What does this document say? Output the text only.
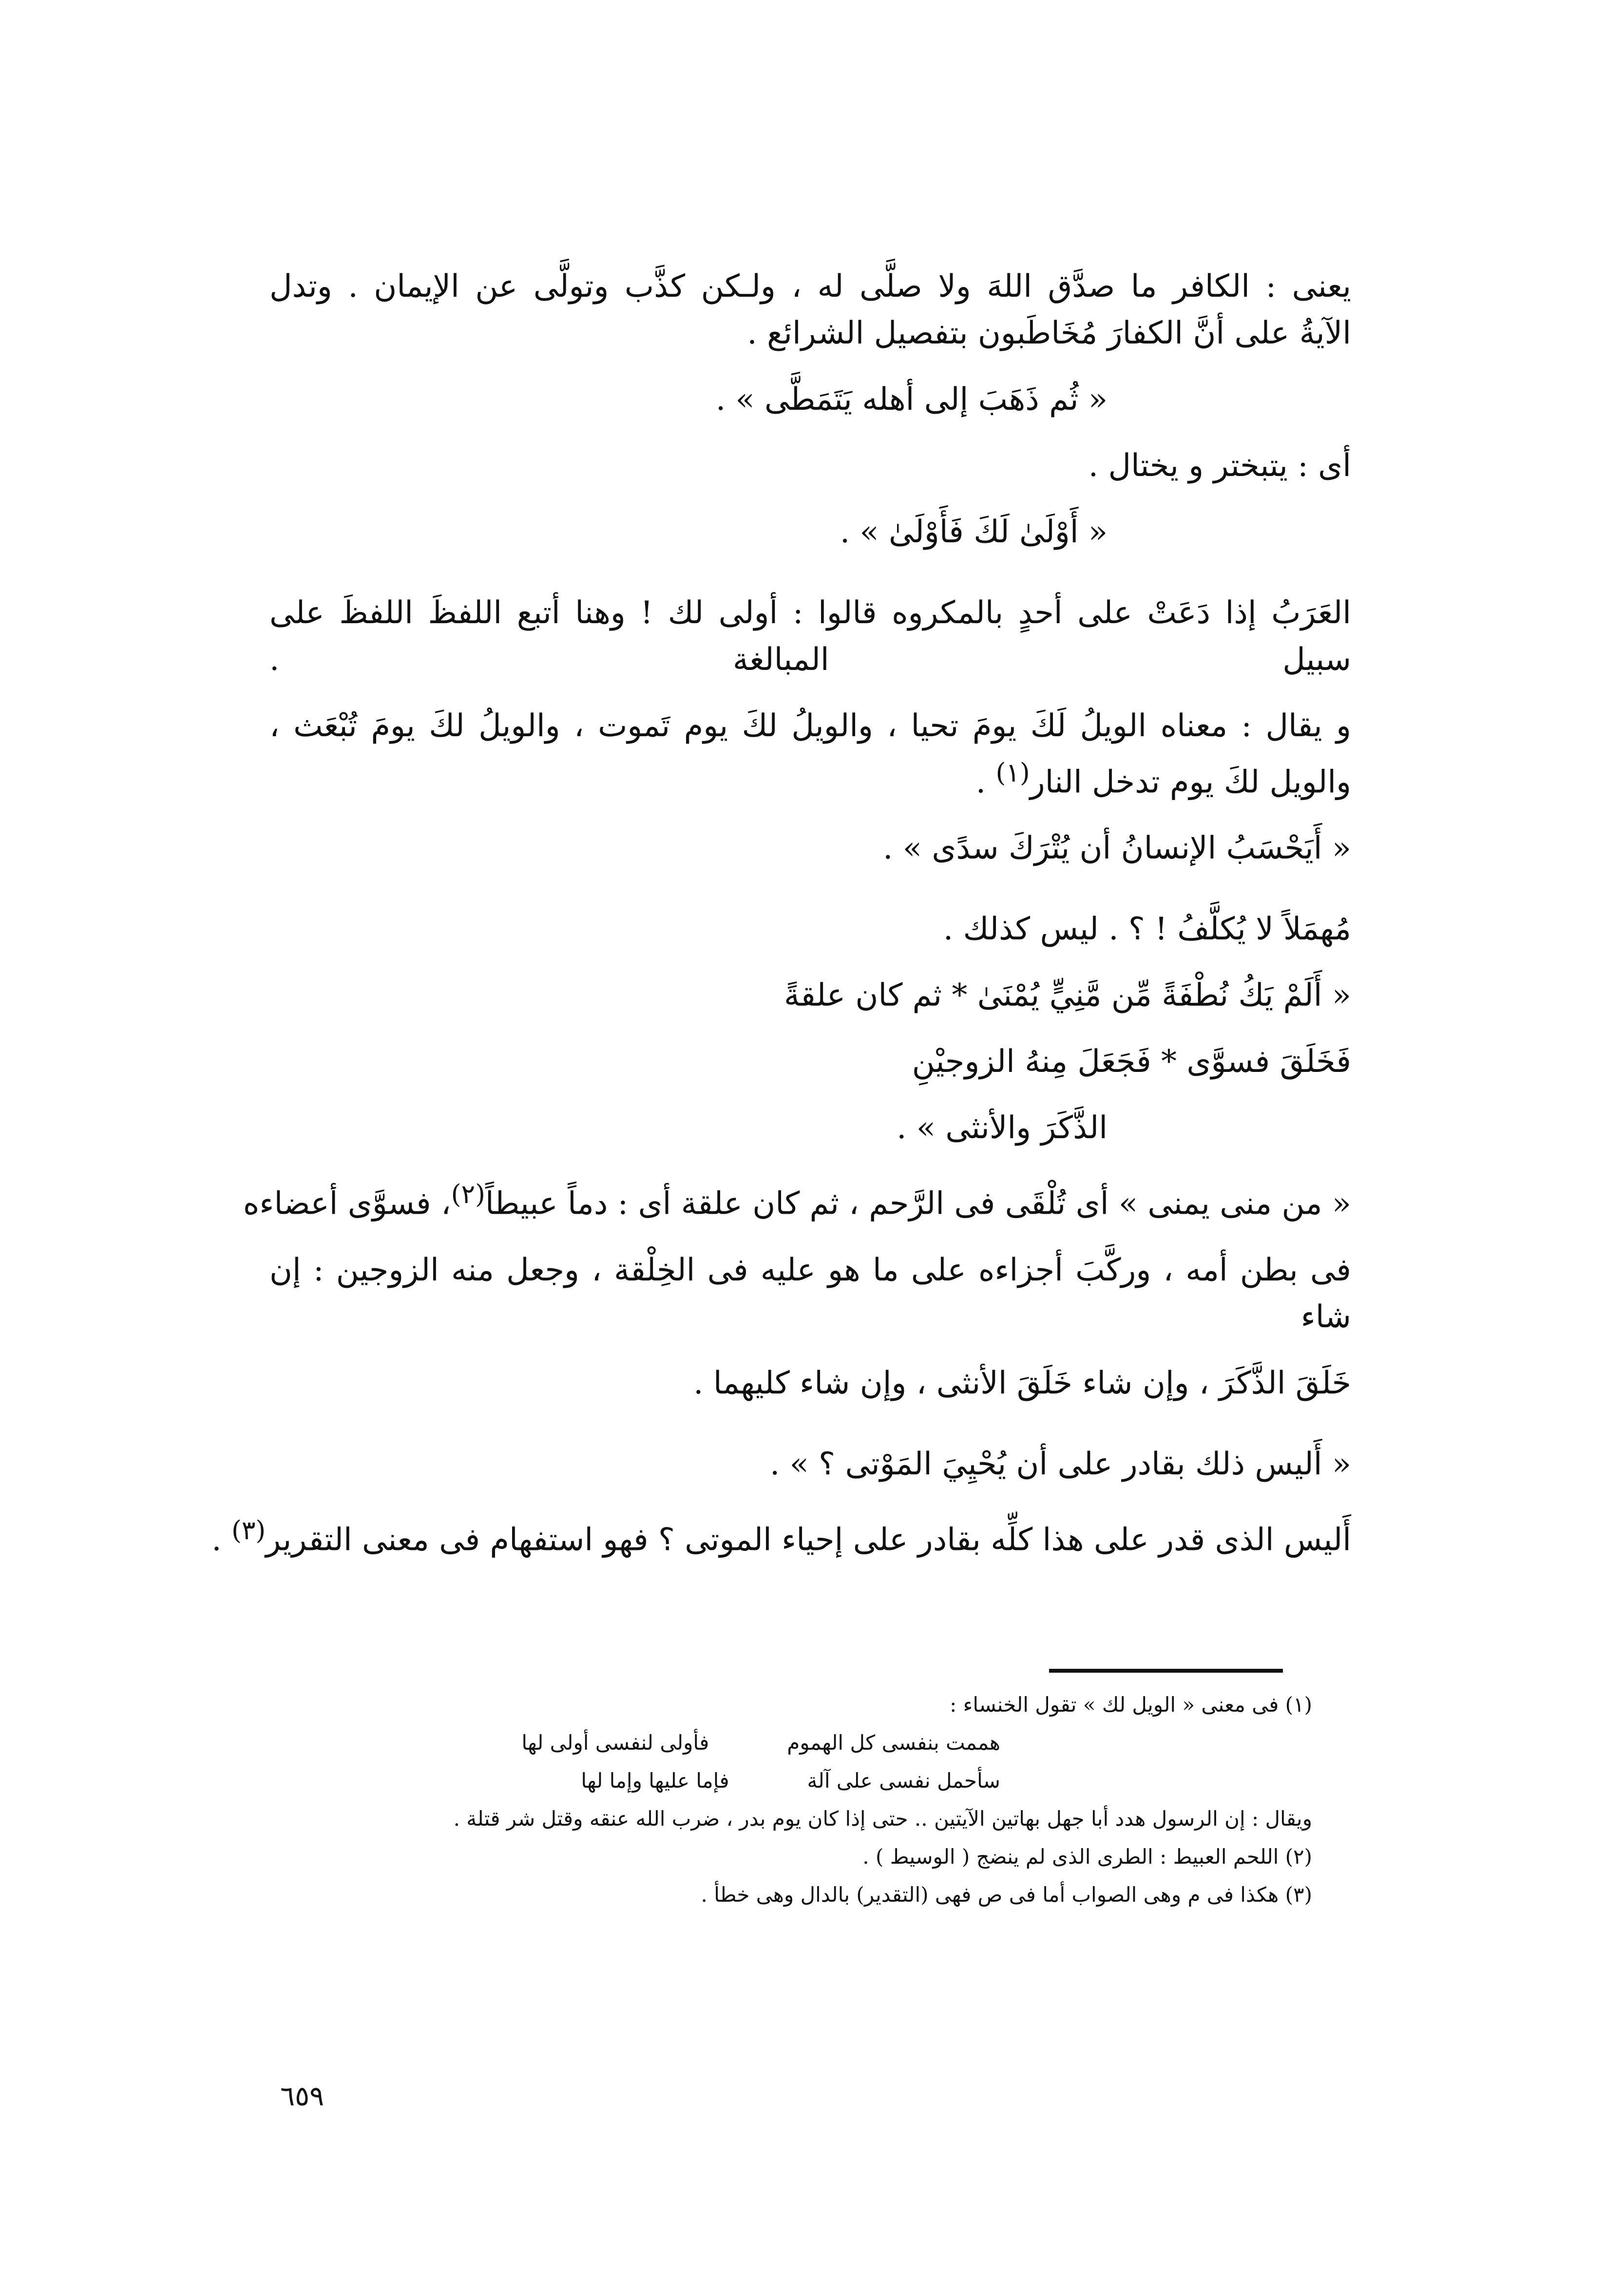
يعنى : الكافر ما صدَّق اللهَ ولا صلَّى له ، ولـكن كذَّب وتولَّى عن الإيمان . وتدل

الآيةُ على أنَّ الكفارَ مُخَاطَبون بتفصيل الشرائع .

« ثُم ذَهَبَ إلى أهله يَتَمَطَّى » .

أى : يتبختر و يختال .

« أَوْلَىٰ لَكَ فَأَوْلَىٰ » .

العَرَبُ إذا دَعَتْ على أحدٍ بالمكروه قالوا : أولى لك ! وهنا أتبع اللفظَ اللفظَ على سبيل المبالغة .

و يقال : معناه الويلُ لَكَ يومَ تحيا ، والويلُ لكَ يوم تَموت ، والويلُ لكَ يومَ تُبْعَث ،

والويل لكَ يوم تدخل النار$^{(١)}$ .

« أَيَحْسَبُ الإنسانُ أن يُتْرَكَ سدًى » .

مُهمَلاً لا يُكلَّفُ ! ؟ . ليس كذلك .

« أَلَمْ يَكُ نُطْفَةً مِّن مَّنِيٍّ يُمْنَىٰ * ثم كان علقةً

فَخَلَقَ فسوَّى * فَجَعَلَ مِنهُ الزوجيْنِ

الذَّكَرَ والأنثى » .

« من منى يمنى » أى تُلْقَى فى الرَّحم ، ثم كان علقة أى : دماً عبيطاً$^{(٢)}$، فسوَّى أعضاءه

فى بطن أمه ، وركَّبَ أجزاءه على ما هو عليه فى الخِلْقة ، وجعل منه الزوجين : إن شاء

خَلَقَ الذَّكَرَ ، وإن شاء خَلَقَ الأنثى ، وإن شاء كليهما .

« أَليس ذلك بقادر على أن يُحْيِيَ المَوْتى ؟ » .

أَليس الذى قدر على هذا كلِّه بقادر على إحياء الموتى ؟ فهو استفهام فى معنى التقرير$^{(٣)}$ .

(١) فى معنى « الويل لك » تقول الخنساء :

هممت بنفسى كل الهموم
فأولى لنفسى أولى لها
سأحمل نفسى على آلة
فإما عليها وإما لها

ويقال : إن الرسول هدد أبا جهل بهاتين الآيتين .. حتى إذا كان يوم بدر ، ضرب الله عنقه وقتل شر قتلة .

(٢) اللحم العبيط : الطرى الذى لم ينضج ( الوسيط ) .

(٣) هكذا فى م وهى الصواب أما فى ص فهى (التقدير) بالدال وهى خطأ .

٦٥٩
